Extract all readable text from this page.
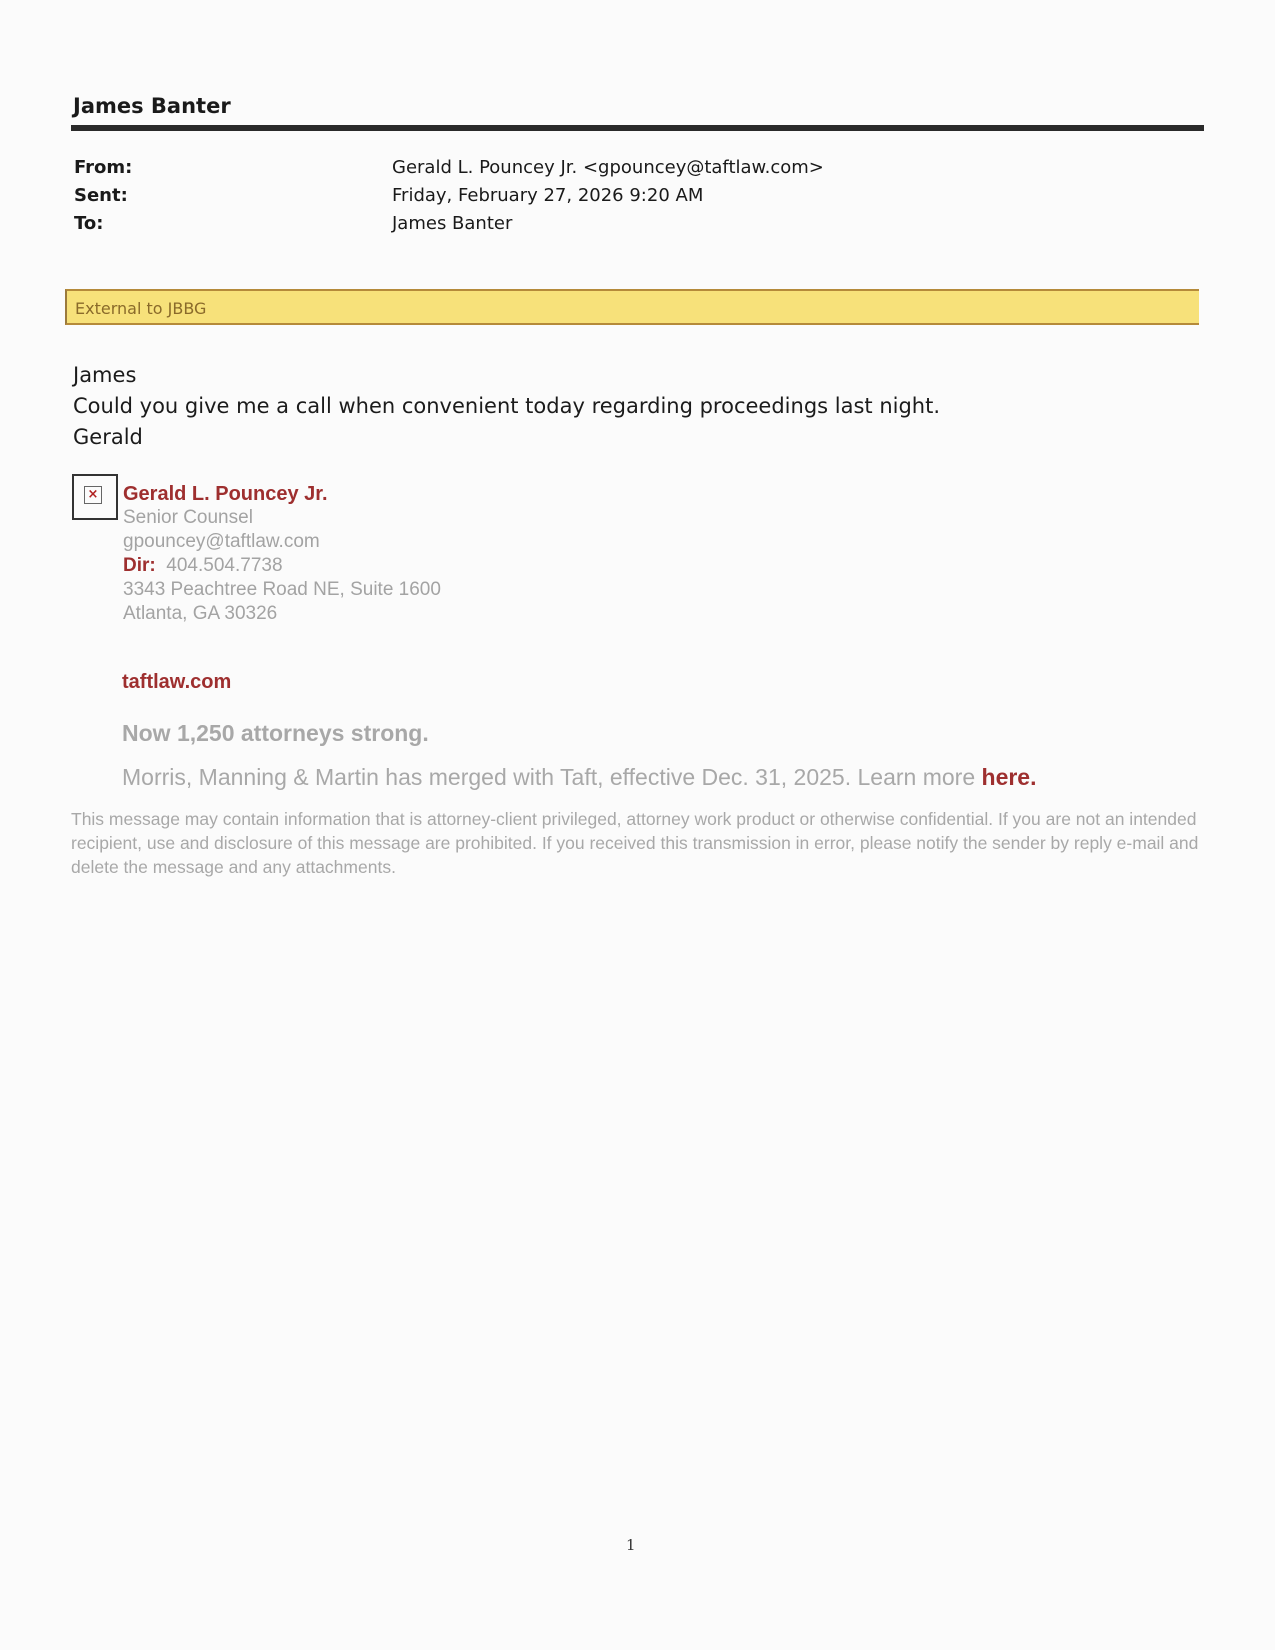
James Banter
From:	Gerald L. Pouncey Jr. <gpouncey@taftlaw.com>
Sent:	Friday, February 27, 2026 9:20 AM
To:	James Banter
External to JBBG
James
Could you give me a call when convenient today regarding proceedings last night.
Gerald
× Gerald L. Pouncey Jr.
Senior Counsel
gpouncey@taftlaw.com
Dir: 404.504.7738
3343 Peachtree Road NE, Suite 1600
Atlanta, GA 30326
taftlaw.com
Now 1,250 attorneys strong.
Morris, Manning & Martin has merged with Taft, effective Dec. 31, 2025. Learn more here.
This message may contain information that is attorney-client privileged, attorney work product or otherwise confidential. If you are not an intended recipient, use and disclosure of this message are prohibited. If you received this transmission in error, please notify the sender by reply e-mail and delete the message and any attachments.
1
